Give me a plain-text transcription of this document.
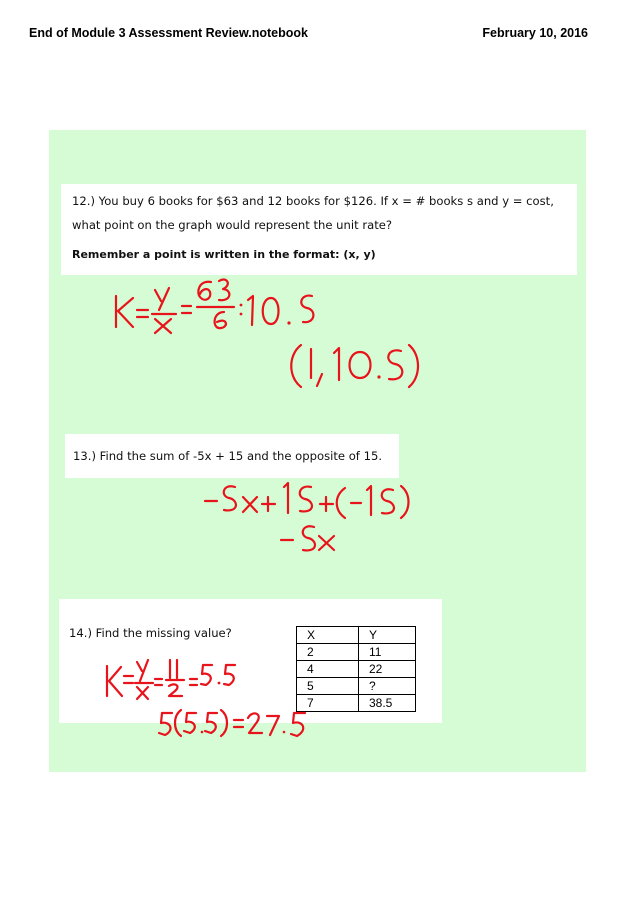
End of Module 3 Assessment Review.notebook	February 10, 2016
12.) You buy 6 books for $63 and 12 books for $126. If x = # books s and y = cost,
what point on the graph would represent the unit rate?
Remember a point is written in the format: (x, y)
13.) Find the sum of -5x + 15 and the opposite of 15.
14.) Find the missing value?	X	Y
2	11
4	22
5	?
7	38.5
